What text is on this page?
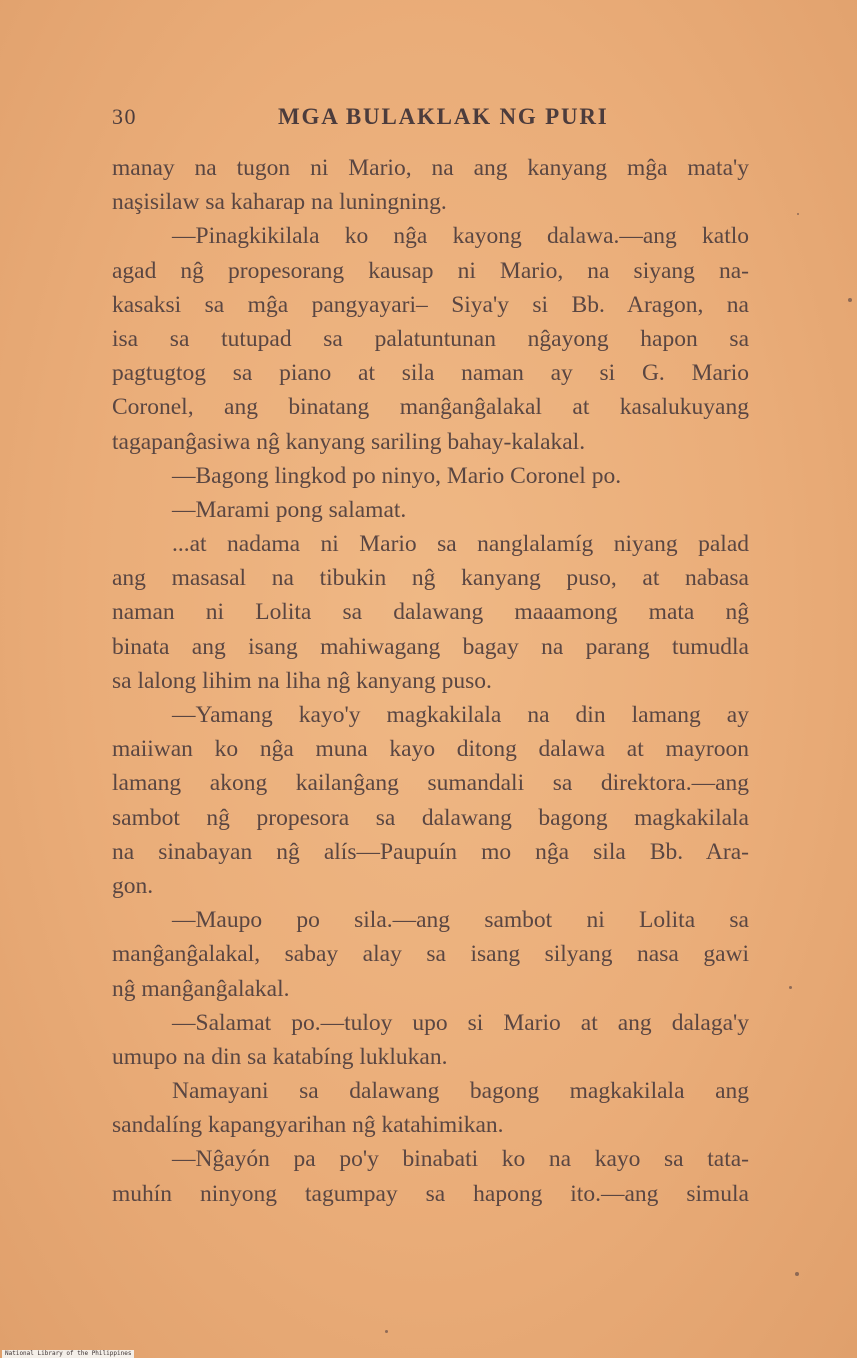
30	MGA BULAKLAK NG PURI
manay na tugon ni Mario, na ang kanyang mĝa mata'y
naşisilaw sa kaharap na luningning.
—Pinagkikilala ko nĝa kayong dalawa.—ang katlo
agad nĝ propesorang kausap ni Mario, na siyang na-
kasaksi sa mĝa pangyayari– Siya'y si Bb. Aragon, na
isa sa tutupad sa palatuntunan nĝayong hapon sa
pagtugtog sa piano at sila naman ay si G. Mario
Coronel, ang binatang manĝanĝalakal at kasalukuyang
tagapanĝasiwa nĝ kanyang sariling bahay-kalakal.
—Bagong lingkod po ninyo, Mario Coronel po.
—Marami pong salamat.
...at nadama ni Mario sa nanglalamíg niyang palad
ang masasal na tibukin nĝ kanyang puso, at nabasa
naman ni Lolita sa dalawang maaamong mata nĝ
binata ang isang mahiwagang bagay na parang tumudla
sa lalong lihim na liha nĝ kanyang puso.
—Yamang kayo'y magkakilala na din lamang ay
maiiwan ko nĝa muna kayo ditong dalawa at mayroon
lamang akong kailanĝang sumandali sa direktora.—ang
sambot nĝ propesora sa dalawang bagong magkakilala
na sinabayan nĝ alís—Paupuín mo nĝa sila Bb. Ara-
gon.
—Maupo po sila.—ang sambot ni Lolita sa
manĝanĝalakal, sabay alay sa isang silyang nasa gawi
nĝ manĝanĝalakal.
—Salamat po.—tuloy upo si Mario at ang dalaga'y
umupo na din sa katabíng luklukan.
Namayani sa dalawang bagong magkakilala ang
sandalíng kapangyarihan nĝ katahimikan.
—Nĝayón pa po'y binabati ko na kayo sa tata-
muhín ninyong tagumpay sa hapong ito.—ang simula
National Library of the Philippines
